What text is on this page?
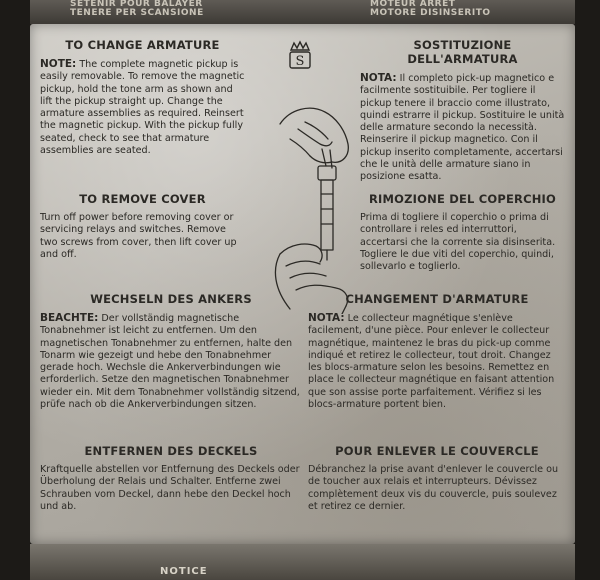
SETENIR POUR BALAYER
TENERE PER SCANSIONE
MOTEUR ARRÊT
MOTORE DISINSERITO
TO CHANGE ARMATURE

NOTE: The complete magnetic pickup is easily removable. To remove the magnetic pickup, hold the tone arm as shown and lift the pickup straight up. Change the armature assemblies as required. Reinsert the magnetic pickup. With the pickup fully seated, check to see that armature assemblies are seated.

TO REMOVE COVER

Turn off power before removing cover or servicing relays and switches. Remove two screws from cover, then lift cover up and off.

WECHSELN DES ANKERS

BEACHTE: Der vollständig magnetische Tonabnehmer ist leicht zu entfernen. Um den magnetischen Tonabnehmer zu entfernen, halte den Tonarm wie gezeigt und hebe den Tonabnehmer gerade hoch. Wechsle die Ankerverbindungen wie erforderlich. Setze den magnetischen Tonabnehmer wieder ein. Mit dem Tonabnehmer vollständig sitzend, prüfe nach ob die Ankerverbindungen sitzen.

ENTFERNEN DES DECKELS

Kraftquelle abstellen vor Entfernung des Deckels oder Überholung der Relais und Schalter. Entferne zwei Schrauben vom Deckel, dann hebe den Deckel hoch und ab.

SOSTITUZIONE DELL'ARMATURA

NOTA: Il completo pick-up magnetico e facilmente sostituibile. Per togliere il pickup tenere il braccio come illustrato, quindi estrarre il pickup. Sostituire le unità delle armature secondo la necessità. Reinserire il pickup magnetico. Con il pickup inserito completamente, accertarsi che le unità delle armature siano in posizione esatta.

RIMOZIONE DEL COPERCHIO

Prima di togliere il coperchio o prima di controllare i reles ed interruttori, accertarsi che la corrente sia disinserita. Togliere le due viti del coperchio, quindi, sollevarlo e toglierlo.

CHANGEMENT D'ARMATURE

NOTA: Le collecteur magnétique s'enlève facilement, d'une pièce. Pour enlever le collecteur magnétique, maintenez le bras du pick-up comme indiqué et retirez le collecteur, tout droit. Changez les blocs-armature selon les besoins. Remettez en place le collecteur magnétique en faisant attention que son assise porte parfaitement. Vérifiez si les blocs-armature portent bien.

POUR ENLEVER LE COUVERCLE

Débranchez la prise avant d'enlever le couvercle ou de toucher aux relais et interrupteurs. Dévissez complètement deux vis du couvercle, puis soulevez et retirez ce dernier.

S
NOTICE
